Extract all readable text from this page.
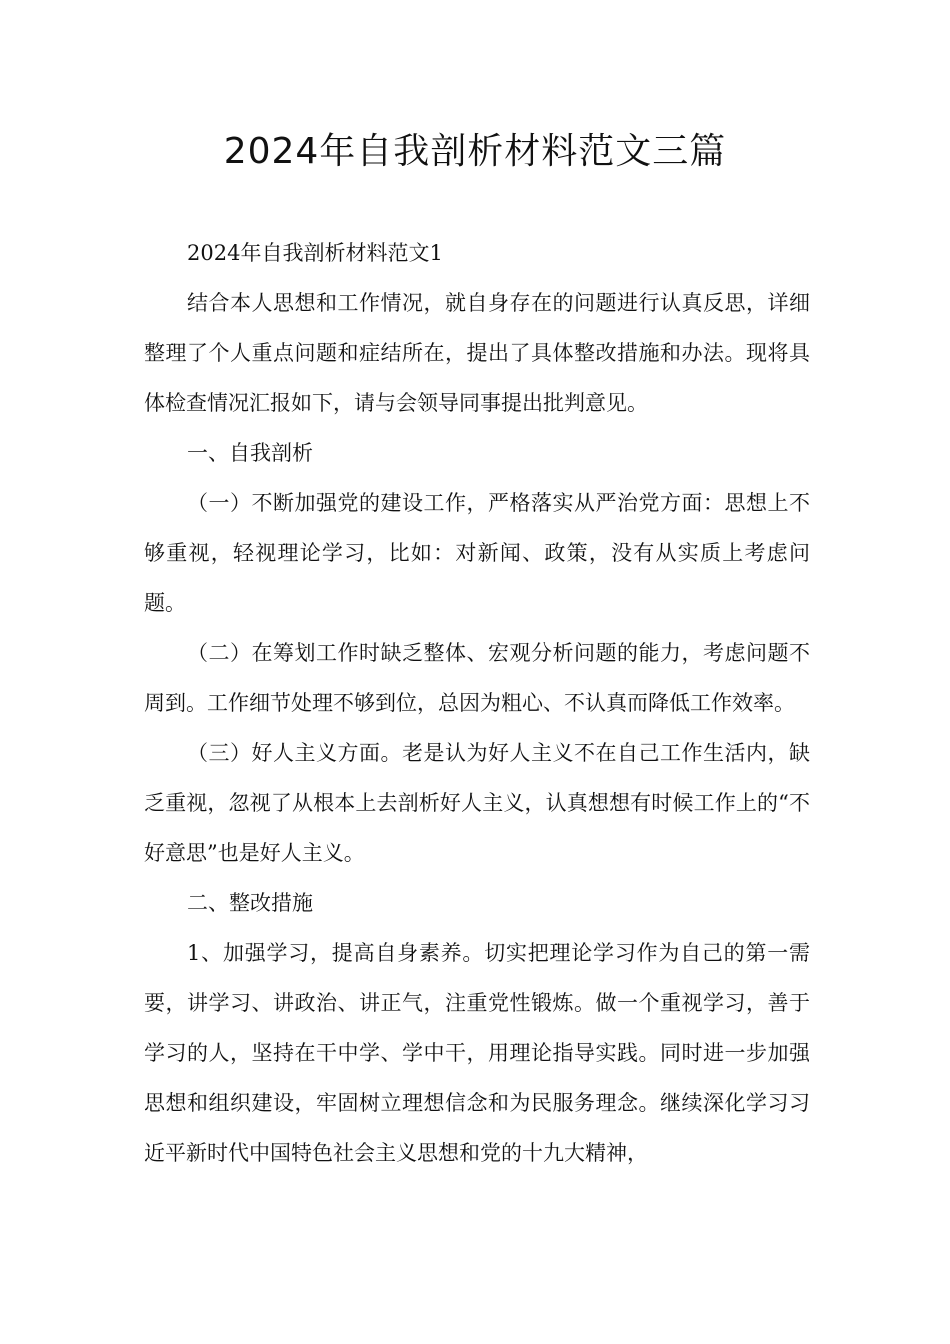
2024年自我剖析材料范文三篇

2024年自我剖析材料范文1

结合本人思想和工作情况，就自身存在的问题进行认真反思，详细整理了个人重点问题和症结所在，提出了具体整改措施和办法。现将具体检查情况汇报如下，请与会领导同事提出批判意见。

一、自我剖析

（一）不断加强党的建设工作，严格落实从严治党方面：思想上不够重视，轻视理论学习，比如：对新闻、政策，没有从实质上考虑问题。

（二）在筹划工作时缺乏整体、宏观分析问题的能力，考虑问题不周到。工作细节处理不够到位，总因为粗心、不认真而降低工作效率。

（三）好人主义方面。老是认为好人主义不在自己工作生活内，缺乏重视，忽视了从根本上去剖析好人主义，认真想想有时候工作上的“不好意思”也是好人主义。

二、整改措施

1、加强学习，提高自身素养。切实把理论学习作为自己的第一需要，讲学习、讲政治、讲正气，注重党性锻炼。做一个重视学习，善于学习的人，坚持在干中学、学中干，用理论指导实践。同时进一步加强思想和组织建设，牢固树立理想信念和为民服务理念。继续深化学习习近平新时代中国特色社会主义思想和党的十九大精神，
